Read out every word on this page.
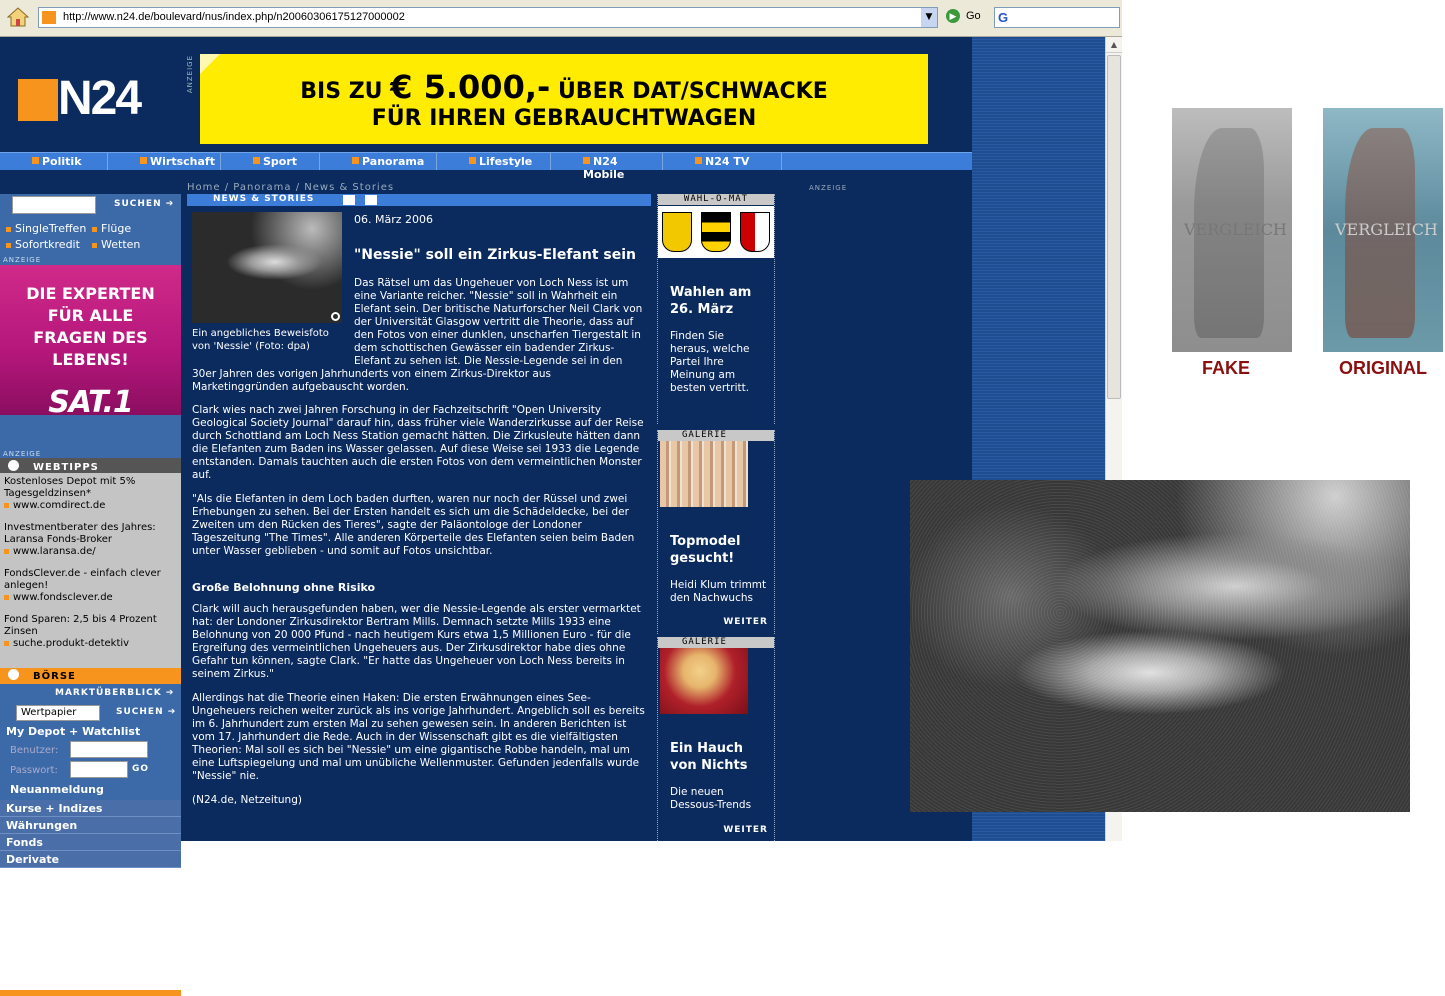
http://www.n24.de/boulevard/nus/index.php/n20060306175127000002	▼	▶ Go G
N24	ANZEIGE	BIS ZU € 5.000,- ÜBER DAT/SCHWACKE
FÜR IHREN GEBRAUCHTWAGEN
Politik	Wirtschaft	Sport	Panorama	Lifestyle	N24 Mobile
N24 TV
SUCHEN ➔
SingleTreffen Flüge
Sofortkredit Wetten
ANZEIGE
DIE EXPERTEN FÜR ALLE FRAGEN DES LEBENS!
SAT.1
ANZEIGE
WEBTIPPS
Kostenloses Depot mit 5% Tagesgeldzinsen*
www.comdirect.de
Investmentberater des Jahres: Laransa Fonds-Broker
www.laransa.de/
FondsClever.de - einfach clever anlegen!
www.fondsclever.de
Fond Sparen: 2,5 bis 4 Prozent Zinsen
suche.produkt-detektiv
BÖRSE
MARKTÜBERBLICK ➔
Wertpapier	SUCHEN ➔
My Depot + Watchlist
Benutzer:
Passwort:	GO
Neuanmeldung
Kurse + Indizes
Währungen
Fonds
Derivate
Home / Panorama / News & Stories
NEWS & STORIES
Ein angebliches Beweisfoto von 'Nessie' (Foto: dpa)
06. März 2006
"Nessie" soll ein Zirkus-Elefant sein
Das Rätsel um das Ungeheuer von Loch Ness ist um eine Variante reicher. "Nessie" soll in Wahrheit ein Elefant sein. Der britische Naturforscher Neil Clark von der Universität Glasgow vertritt die Theorie, dass auf den Fotos von einer dunklen, unscharfen Tiergestalt in dem schottischen Gewässer ein badender Zirkus-Elefant zu sehen ist. Die Nessie-Legende sei in den 30er Jahren des vorigen Jahrhunderts von einem Zirkus-Direktor aus Marketinggründen aufgebauscht worden.
Clark wies nach zwei Jahren Forschung in der Fachzeitschrift "Open University Geological Society Journal" darauf hin, dass früher viele Wanderzirkusse auf der Reise durch Schottland am Loch Ness Station gemacht hätten. Die Zirkusleute hätten dann die Elefanten zum Baden ins Wasser gelassen. Auf diese Weise sei 1933 die Legende entstanden. Damals tauchten auch die ersten Fotos von dem vermeintlichen Monster auf.
"Als die Elefanten in dem Loch baden durften, waren nur noch der Rüssel und zwei Erhebungen zu sehen. Bei der Ersten handelt es sich um die Schädeldecke, bei der Zweiten um den Rücken des Tieres", sagte der Paläontologe der Londoner Tageszeitung "The Times". Alle anderen Körperteile des Elefanten seien beim Baden unter Wasser geblieben - und somit auf Fotos unsichtbar.
Große Belohnung ohne Risiko
Clark will auch herausgefunden haben, wer die Nessie-Legende als erster vermarktet hat: der Londoner Zirkusdirektor Bertram Mills. Demnach setzte Mills 1933 eine Belohnung von 20 000 Pfund - nach heutigem Kurs etwa 1,5 Millionen Euro - für die Ergreifung des vermeintlichen Ungeheuers aus. Der Zirkusdirektor habe dies ohne Gefahr tun können, sagte Clark. "Er hatte das Ungeheuer von Loch Ness bereits in seinem Zirkus."
Allerdings hat die Theorie einen Haken: Die ersten Erwähnungen eines See-Ungeheuers reichen weiter zurück als ins vorige Jahrhundert. Angeblich soll es bereits im 6. Jahrhundert zum ersten Mal zu sehen gewesen sein. In anderen Berichten ist vom 17. Jahrhundert die Rede. Auch in der Wissenschaft gibt es die vielfältigsten Theorien: Mal soll es sich bei "Nessie" um eine gigantische Robbe handeln, mal um eine Luftspiegelung und mal um unübliche Wellenmuster. Gefunden jedenfalls wurde "Nessie" nie.
(N24.de, Netzeitung)
WAHL-O-MAT
Wahlen am 26. März
Finden Sie heraus, welche Partei Ihre Meinung am besten vertritt.
GALERIE
Topmodel gesucht!
Heidi Klum trimmt den Nachwuchs
WEITER
GALERIE
Ein Hauch von Nichts
Die neuen Dessous-Trends
WEITER
ANZEIGE
▲
VERGLEICH	VERGLEICH
FAKE	ORIGINAL
